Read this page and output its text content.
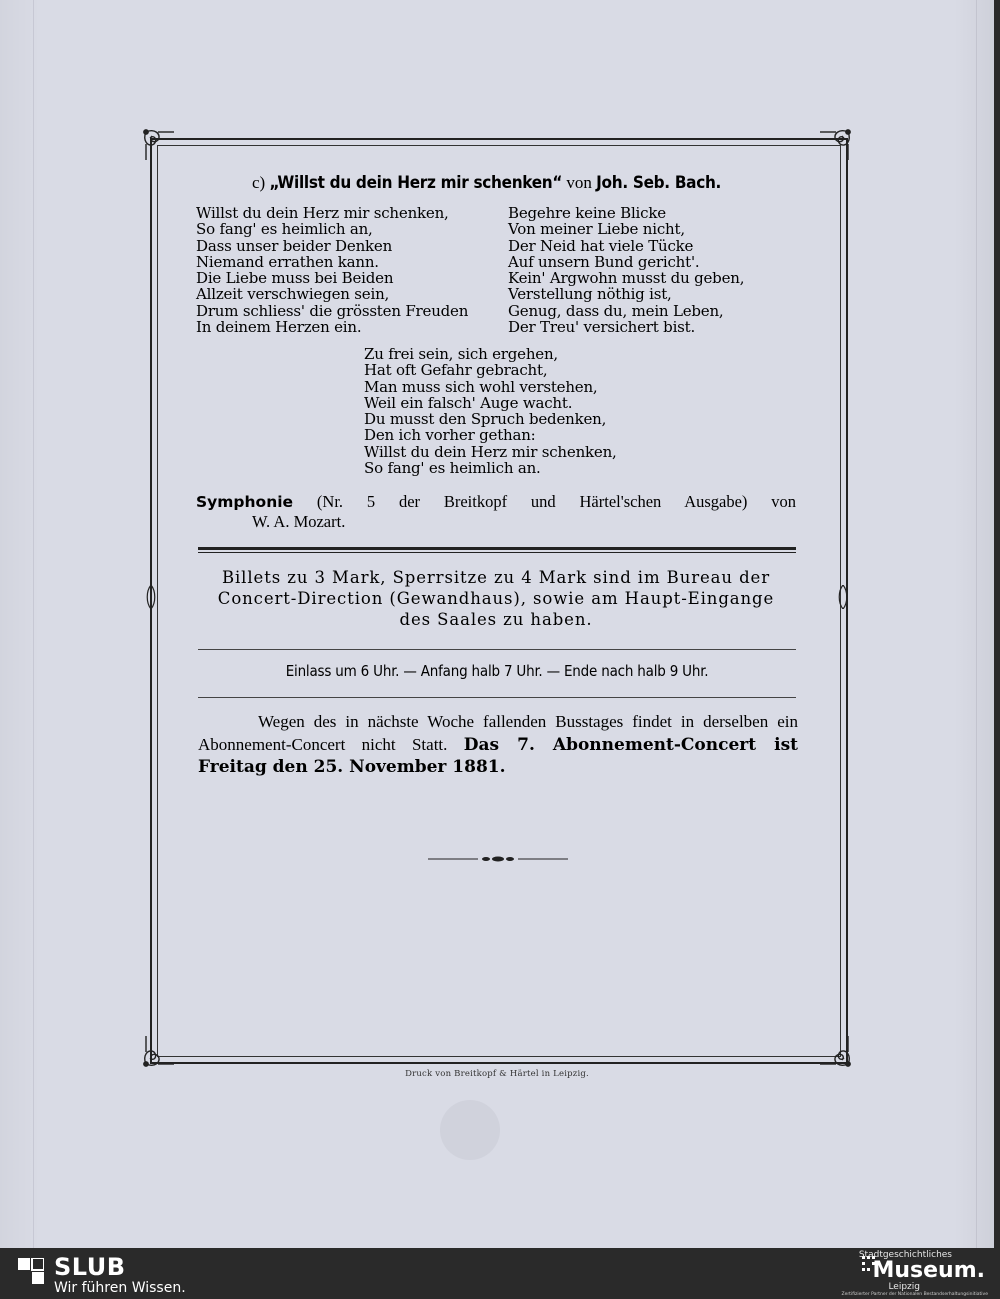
c) „Willst du dein Herz mir schenken“ von Joh. Seb. Bach.
Willst du dein Herz mir schenken,
So fang' es heimlich an,
Dass unser beider Denken
Niemand errathen kann.
Die Liebe muss bei Beiden
Allzeit verschwiegen sein,
Drum schliess' die grössten Freuden
In deinem Herzen ein.
Begehre keine Blicke
Von meiner Liebe nicht,
Der Neid hat viele Tücke
Auf unsern Bund gericht'.
Kein' Argwohn musst du geben,
Verstellung nöthig ist,
Genug, dass du, mein Leben,
Der Treu' versichert bist.
Zu frei sein, sich ergehen,
Hat oft Gefahr gebracht,
Man muss sich wohl verstehen,
Weil ein falsch' Auge wacht.
Du musst den Spruch bedenken,
Den ich vorher gethan:
Willst du dein Herz mir schenken,
So fang' es heimlich an.
Symphonie (Nr. 5 der Breitkopf und Härtel'schen Ausgabe) von
W. A. Mozart.
Billets zu 3 Mark, Sperrsitze zu 4 Mark sind im Bureau der
Concert-Direction (Gewandhaus), sowie am Haupt-Eingange
des Saales zu haben.
Einlass um 6 Uhr. — Anfang halb 7 Uhr. — Ende nach halb 9 Uhr.
Wegen des in nächste Woche fallenden Busstages findet in derselben ein Abonnement-Concert nicht Statt. Das 7. Abonnement-Concert ist Freitag den 25. November 1881.
Druck von Breitkopf & Härtel in Leipzig.
SLUB
Wir führen Wissen.
Stadtgeschichtliches
Museum.
Leipzig
Zertifizierter Partner der Nationalen Bestandserhaltungsinitiative
